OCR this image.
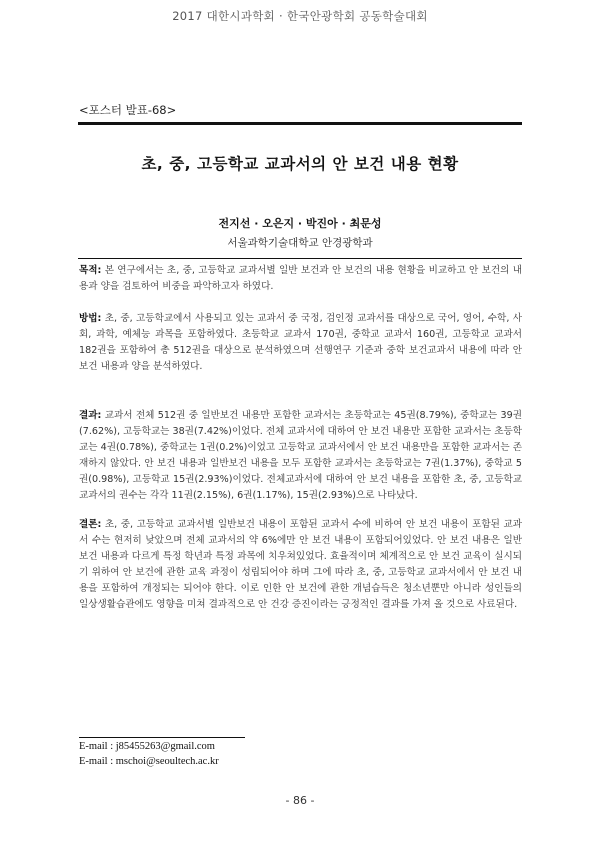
2017 대한시과학회 · 한국안광학회 공동학술대회
<포스터 발표-68>
초, 중, 고등학교 교과서의 안 보건 내용 현황
전지선 · 오은지 · 박진아 · 최문성
서울과학기술대학교 안경광학과
목적: 본 연구에서는 초, 중, 고등학교 교과서별 일반 보건과 안 보건의 내용 현황을 비교하고 안 보건의 내용과 양을 검토하여 비중을 파악하고자 하였다.
방법: 초, 중, 고등학교에서 사용되고 있는 교과서 중 국정, 검인정 교과서를 대상으로 국어, 영어, 수학, 사회, 과학, 예체능 과목을 포함하였다. 초등학교 교과서 170권, 중학교 교과서 160권, 고등학교 교과서 182권을 포함하여 총 512권을 대상으로 분석하였으며 선행연구 기준과 중학 보건교과서 내용에 따라 안 보건 내용과 양을 분석하였다.
결과: 교과서 전체 512권 중 일반보건 내용만 포함한 교과서는 초등학교는 45권(8.79%), 중학교는 39권(7.62%), 고등학교는 38권(7.42%)이었다. 전체 교과서에 대하여 안 보건 내용만 포함한 교과서는 초등학교는 4권(0.78%), 중학교는 1권(0.2%)이었고 고등학교 교과서에서 안 보건 내용만을 포함한 교과서는 존재하지 않았다. 안 보건 내용과 일반보건 내용을 모두 포함한 교과서는 초등학교는 7권(1.37%), 중학교 5권(0.98%), 고등학교 15권(2.93%)이었다. 전체교과서에 대하여 안 보건 내용을 포함한 초, 중, 고등학교 교과서의 권수는 각각 11권(2.15%), 6권(1.17%), 15권(2.93%)으로 나타났다.
결론: 초, 중, 고등학교 교과서별 일반보건 내용이 포함된 교과서 수에 비하여 안 보건 내용이 포함된 교과서 수는 현저히 낮았으며 전체 교과서의 약 6%에만 안 보건 내용이 포함되어있었다. 안 보건 내용은 일반보건 내용과 다르게 특정 학년과 특정 과목에 치우쳐있었다. 효율적이며 체계적으로 안 보건 교육이 실시되기 위하여 안 보건에 관한 교육 과정이 성립되어야 하며 그에 따라 초, 중, 고등학교 교과서에서 안 보건 내용을 포함하여 개정되는 되어야 한다. 이로 인한 안 보건에 관한 개념습득은 청소년뿐만 아니라 성인들의 일상생활습관에도 영향을 미쳐 결과적으로 안 건강 증진이라는 긍정적인 결과를 가져 올 것으로 사료된다.
E-mail : j85455263@gmail.com
E-mail : mschoi@seoultech.ac.kr
- 86 -
